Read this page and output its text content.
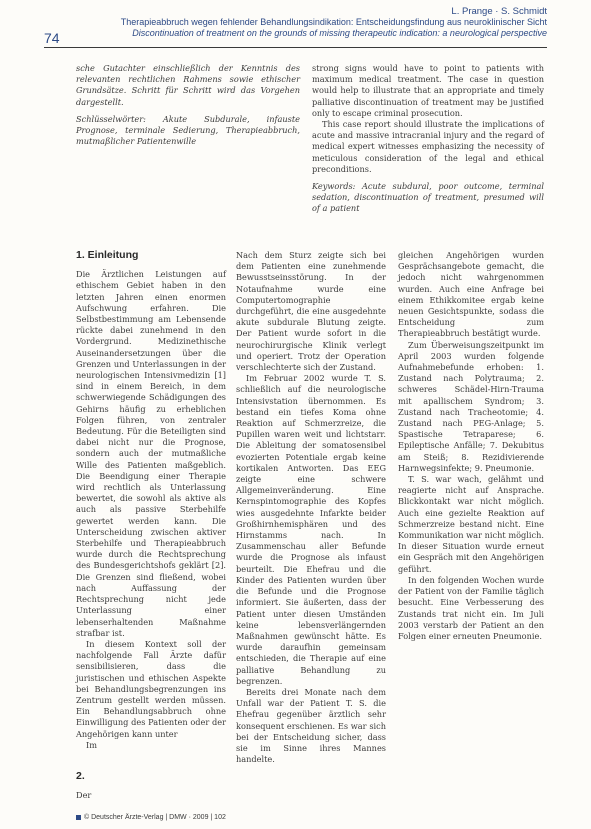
74
L. Prange · S. Schmidt
Therapieabbruch wegen fehlender Behandlungsindikation: Entscheidungsfindung aus neuroklinischer Sicht
Discontinuation of treatment on the grounds of missing therapeutic indication: a neurological perspective

sche Gutachter einschließlich der Kenntnis des relevanten rechtlichen Rahmens sowie ethischer Grundsätze. Schritt für Schritt wird das Vorgehen dargestellt.

Schlüsselwörter: Akute Subdurale, infauste Prognose, terminale Sedierung, Therapieabbruch, mutmaßlicher Patientenwille

strong signs would have to point to patients with maximum medical treatment. The case in question would help to illustrate that an appropriate and timely palliative discontinuation of treatment may be justified only to escape criminal prosecution.

This case report should illustrate the implications of acute and massive intracranial injury and the regard of medical expert witnesses emphasizing the necessity of meticulous consideration of the legal and ethical preconditions.

Keywords: Acute subdural, poor outcome, terminal sedation, discontinuation of treatment, presumed will of a patient

1. Einleitung

Die Ärztlichen Leistungen auf ethischem Gebiet haben in den letzten Jahren einen enormen Aufschwung erfahren. Die Selbstbestimmung am Lebensende rückte dabei zunehmend in den Vordergrund. Medizinethische Auseinandersetzungen über die Grenzen und Unterlassungen in der neurologischen Intensivmedizin [1] sind in einem Bereich, in dem schwerwiegende Schädigungen des Gehirns häufig zu erheblichen Folgen führen, von zentraler Bedeutung. Für die Beteiligten sind dabei nicht nur die Prognose, sondern auch der mutmaßliche Wille des Patienten maßgeblich. Die Beendigung einer Therapie wird rechtlich als Unterlassung bewertet, die sowohl als aktive als auch als passive Sterbehilfe gewertet werden kann. Die Unterscheidung zwischen aktiver Sterbehilfe und Therapieabbruch wurde durch die Rechtsprechung des Bundesgerichtshofs geklärt [2]. Die Grenzen sind fließend, wobei nach Auffassung der Rechtsprechung nicht jede Unterlassung einer lebenserhaltenden Maßnahme strafbar ist.

In diesem Kontext soll der nachfolgende Fall Ärzte dafür sensibilisieren, dass die juristischen und ethischen Aspekte bei Behandlungsbegrenzungen ins Zentrum gestellt werden müssen. Ein Behandlungsabbruch ohne Einwilligung des Patienten oder der Angehörigen kann unter

Im

2.

Der

Nach dem Sturz zeigte sich bei dem Patienten eine zunehmende Bewusstseinsstörung. In der Notaufnahme wurde eine Computertomographie durchgeführt, die eine ausgedehnte akute subdurale Blutung zeigte. Der Patient wurde sofort in die neurochirurgische Klinik verlegt und operiert. Trotz der Operation verschlechterte sich der Zustand.

Im Februar 2002 wurde T. S. schließlich auf die neurologische Intensivstation übernommen. Es bestand ein tiefes Koma ohne Reaktion auf Schmerzreize, die Pupillen waren weit und lichtstarr. Die Ableitung der somatosensibel evozierten Potentiale ergab keine kortikalen Antworten. Das EEG zeigte eine schwere Allgemeinveränderung. Eine Kernspintomographie des Kopfes wies ausgedehnte Infarkte beider Großhirnhemisphären und des Hirnstamms nach. In Zusammenschau aller Befunde wurde die Prognose als infaust beurteilt. Die Ehefrau und die Kinder des Patienten wurden über die Befunde und die Prognose informiert. Sie äußerten, dass der Patient unter diesen Umständen keine lebensverlängernden Maßnahmen gewünscht hätte. Es wurde daraufhin gemeinsam entschieden, die Therapie auf eine palliative Behandlung zu begrenzen.

Bereits drei Monate nach dem Unfall war der Patient T. S. die Ehefrau gegenüber ärztlich sehr konsequent erschienen. Es war sich bei der Entscheidung sicher, dass sie im Sinne ihres Mannes handelte.

gleichen Angehörigen wurden Gesprächsangebote gemacht, die jedoch nicht wahrgenommen wurden. Auch eine Anfrage bei einem Ethikkomitee ergab keine neuen Gesichtspunkte, sodass die Entscheidung zum Therapieabbruch bestätigt wurde.

Zum Überweisungszeitpunkt im April 2003 wurden folgende Aufnahmebefunde erhoben: 1. Zustand nach Polytrauma; 2. schweres Schädel-Hirn-Trauma mit apallischem Syndrom; 3. Zustand nach Tracheotomie; 4. Zustand nach PEG-Anlage; 5. Spastische Tetraparese; 6. Epileptische Anfälle; 7. Dekubitus am Steiß; 8. Rezidivierende Harnwegsinfekte; 9. Pneumonie.

T. S. war wach, gelähmt und reagierte nicht auf Ansprache. Blickkontakt war nicht möglich. Auch eine gezielte Reaktion auf Schmerzreize bestand nicht. Eine Kommunikation war nicht möglich. In dieser Situation wurde erneut ein Gespräch mit den Angehörigen geführt.

In den folgenden Wochen wurde der Patient von der Familie täglich besucht. Eine Verbesserung des Zustands trat nicht ein. Im Juli 2003 verstarb der Patient an den Folgen einer erneuten Pneumonie.

© Deutscher Ärzte-Verlag | DMW · 2009 | 102
